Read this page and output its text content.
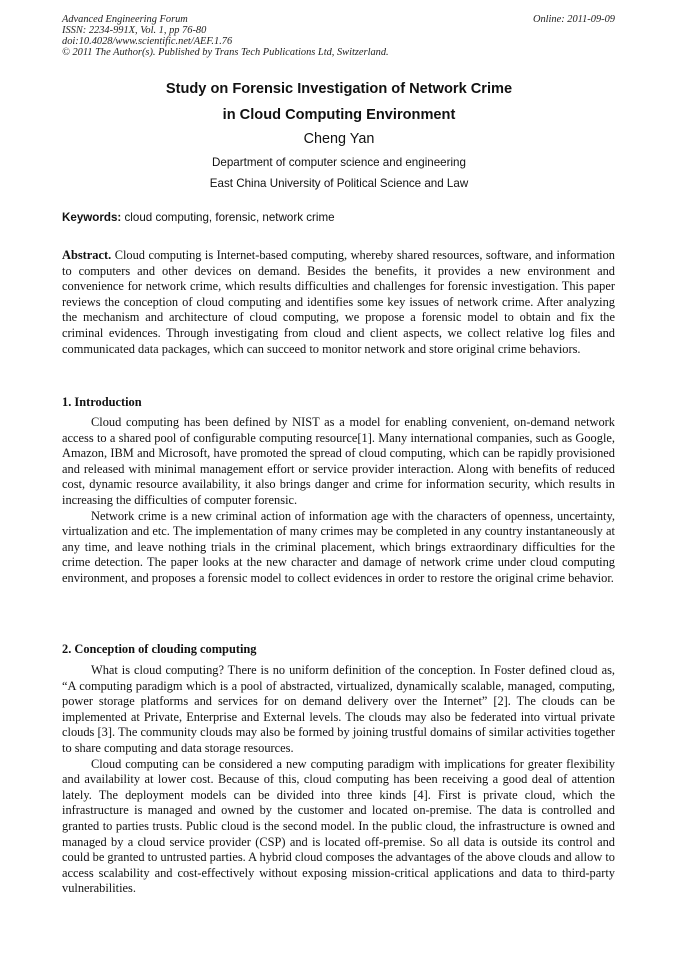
Advanced Engineering Forum
ISSN: 2234-991X, Vol. 1, pp 76-80
doi:10.4028/www.scientific.net/AEF.1.76
© 2011 The Author(s). Published by Trans Tech Publications Ltd, Switzerland.
Online: 2011-09-09
Study on Forensic Investigation of Network Crime
in Cloud Computing Environment
Cheng Yan
Department of computer science and engineering
East China University of Political Science and Law
Keywords: cloud computing, forensic, network crime

Abstract. Cloud computing is Internet-based computing, whereby shared resources, software, and information to computers and other devices on demand. Besides the benefits, it provides a new environment and convenience for network crime, which results difficulties and challenges for forensic investigation. This paper reviews the conception of cloud computing and identifies some key issues of network crime. After analyzing the mechanism and architecture of cloud computing, we propose a forensic model to obtain and fix the criminal evidences. Through investigating from cloud and client aspects, we collect relative log files and communicated data packages, which can succeed to monitor network and store original crime behaviors.

1. Introduction

Cloud computing has been defined by NIST as a model for enabling convenient, on-demand network access to a shared pool of configurable computing resource[1]. Many international companies, such as Google, Amazon, IBM and Microsoft, have promoted the spread of cloud computing, which can be rapidly provisioned and released with minimal management effort or service provider interaction. Along with benefits of reduced cost, dynamic resource availability, it also brings danger and crime for information security, which results in increasing the difficulties of computer forensic.

Network crime is a new criminal action of information age with the characters of openness, uncertainty, virtualization and etc. The implementation of many crimes may be completed in any country instantaneously at any time, and leave nothing trials in the criminal placement, which brings extraordinary difficulties for the crime detection. The paper looks at the new character and damage of network crime under cloud computing environment, and proposes a forensic model to collect evidences in order to restore the original crime behavior.

2. Conception of clouding computing

What is cloud computing? There is no uniform definition of the conception. In Foster defined cloud as, “A computing paradigm which is a pool of abstracted, virtualized, dynamically scalable, managed, computing, power storage platforms and services for on demand delivery over the Internet” [2]. The clouds can be implemented at Private, Enterprise and External levels. The clouds may also be federated into virtual private clouds [3]. The community clouds may also be formed by joining trustful domains of similar activities together to share computing and data storage resources.

Cloud computing can be considered a new computing paradigm with implications for greater flexibility and availability at lower cost. Because of this, cloud computing has been receiving a good deal of attention lately. The deployment models can be divided into three kinds [4]. First is private cloud, which the infrastructure is managed and owned by the customer and located on-premise. The data is controlled and granted to parties trusts. Public cloud is the second model. In the public cloud, the infrastructure is owned and managed by a cloud service provider (CSP) and is located off-premise. So all data is outside its control and could be granted to untrusted parties. A hybrid cloud composes the advantages of the above clouds and allow to access scalability and cost-effectively without exposing mission-critical applications and data to third-party vulnerabilities.
